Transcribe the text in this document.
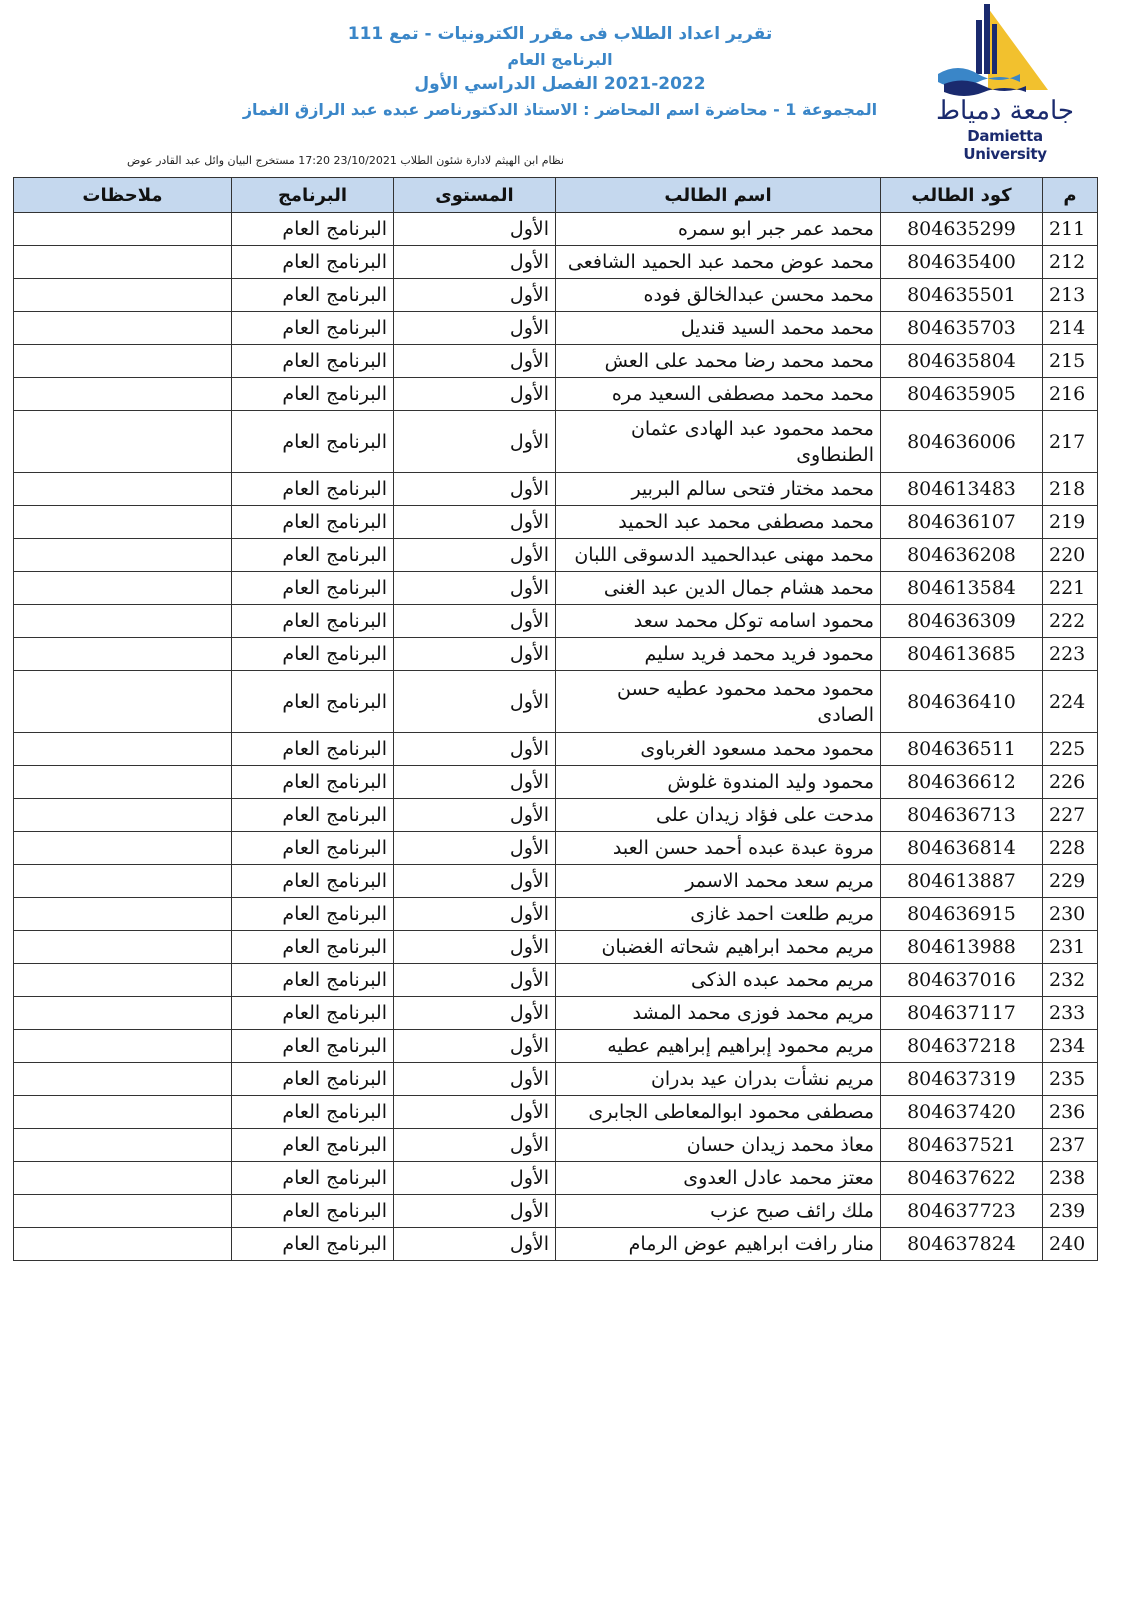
تقرير اعداد الطلاب فى مقرر الكترونيات - تمع 111
البرنامج العام
2021-2022 الفصل الدراسي الأول
المجموعة 1 - محاضرة اسم المحاضر : الاستاذ الدكتورناصر عبده عبد الرازق الغماز جامعة دمياط
Damietta University
نظام ابن الهيثم لادارة شئون الطلاب 23/10/2021 17:20 مستخرج البيان وائل عبد القادر عوض
م	كود الطالب	اسم الطالب	المستوى	البرنامج	ملاحظات
211	804635299	محمد عمر جبر ابو سمره	الأول	البرنامج العام	
212	804635400	محمد عوض محمد عبد الحميد الشافعى	الأول	البرنامج العام	
213	804635501	محمد محسن عبدالخالق فوده	الأول	البرنامج العام	
214	804635703	محمد محمد السيد قنديل	الأول	البرنامج العام	
215	804635804	محمد محمد رضا محمد على العش	الأول	البرنامج العام	
216	804635905	محمد محمد مصطفى السعيد مره	الأول	البرنامج العام	
217	804636006	محمد محمود عبد الهادى عثمان الطنطاوى	الأول	البرنامج العام	
218	804613483	محمد مختار فتحى سالم البربير	الأول	البرنامج العام	
219	804636107	محمد مصطفى محمد عبد الحميد	الأول	البرنامج العام	
220	804636208	محمد مهنى عبدالحميد الدسوقى اللبان	الأول	البرنامج العام	
221	804613584	محمد هشام جمال الدين عبد الغنى	الأول	البرنامج العام	
222	804636309	محمود اسامه توكل محمد سعد	الأول	البرنامج العام	
223	804613685	محمود فريد محمد فريد سليم	الأول	البرنامج العام	
224	804636410	محمود محمد محمود عطيه حسن الصادى	الأول	البرنامج العام	
225	804636511	محمود محمد مسعود الغرباوى	الأول	البرنامج العام	
226	804636612	محمود وليد المندوة غلوش	الأول	البرنامج العام	
227	804636713	مدحت على فؤاد زيدان على	الأول	البرنامج العام	
228	804636814	مروة عبدة عبده أحمد حسن العبد	الأول	البرنامج العام	
229	804613887	مريم سعد محمد الاسمر	الأول	البرنامج العام	
230	804636915	مريم طلعت احمد غازى	الأول	البرنامج العام	
231	804613988	مريم محمد ابراهيم شحاته الغضبان	الأول	البرنامج العام	
232	804637016	مريم محمد عبده الذكى	الأول	البرنامج العام	
233	804637117	مريم محمد فوزى محمد المشد	الأول	البرنامج العام	
234	804637218	مريم محمود إبراهيم إبراهيم عطيه	الأول	البرنامج العام	
235	804637319	مريم نشأت بدران عيد بدران	الأول	البرنامج العام	
236	804637420	مصطفى محمود ابوالمعاطى الجابرى	الأول	البرنامج العام	
237	804637521	معاذ محمد زيدان حسان	الأول	البرنامج العام	
238	804637622	معتز محمد عادل العدوى	الأول	البرنامج العام	
239	804637723	ملك رائف صبح عزب	الأول	البرنامج العام	
240	804637824	منار رافت ابراهيم عوض الرمام	الأول	البرنامج العام	
